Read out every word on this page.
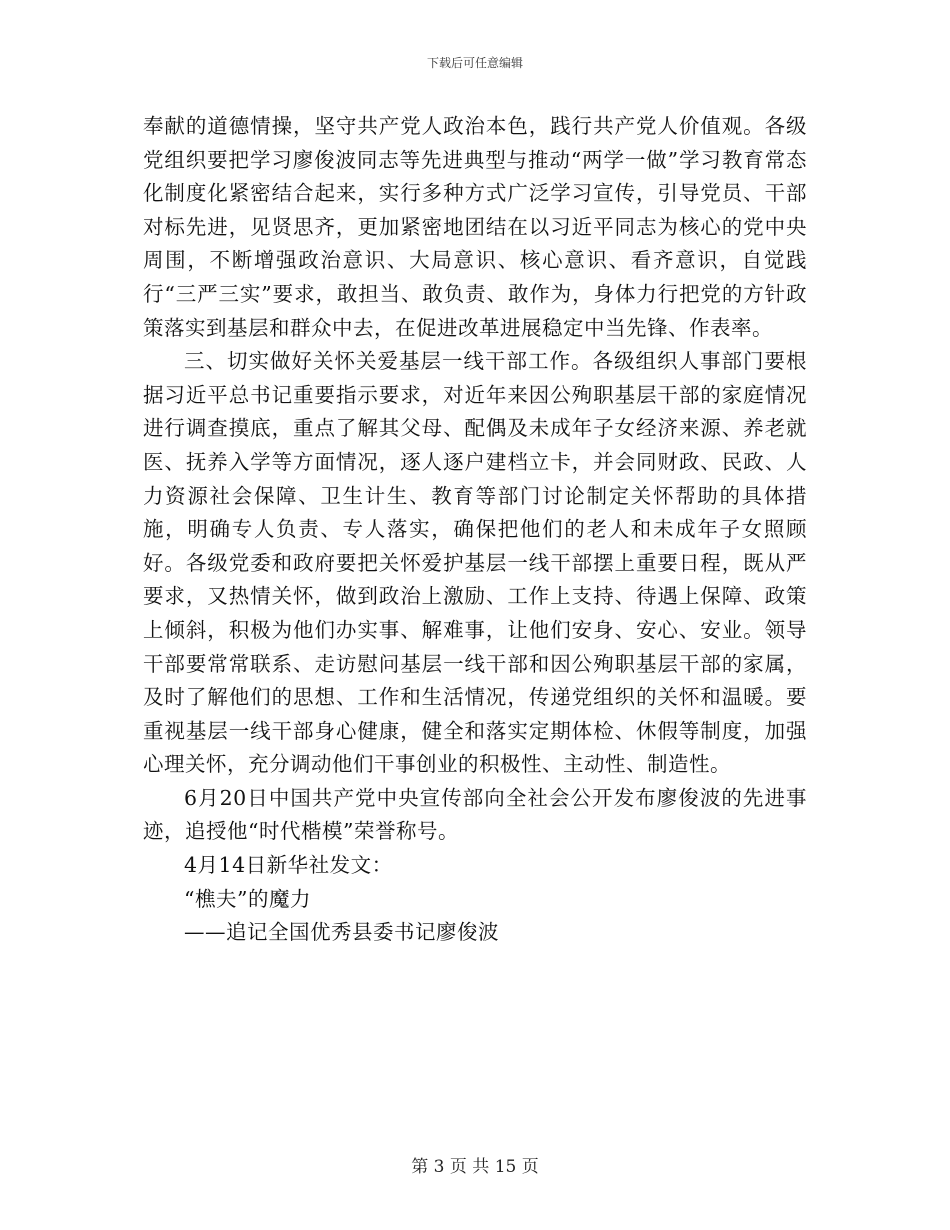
下载后可任意编辑

奉献的道德情操，坚守共产党人政治本色，践行共产党人价值观。各级党组织要把学习廖俊波同志等先进典型与推动“两学一做”学习教育常态化制度化紧密结合起来，实行多种方式广泛学习宣传，引导党员、干部对标先进，见贤思齐，更加紧密地团结在以习近平同志为核心的党中央周围，不断增强政治意识、大局意识、核心意识、看齐意识，自觉践行“三严三实”要求，敢担当、敢负责、敢作为，身体力行把党的方针政策落实到基层和群众中去，在促进改革进展稳定中当先锋、作表率。

三、切实做好关怀关爱基层一线干部工作。各级组织人事部门要根据习近平总书记重要指示要求，对近年来因公殉职基层干部的家庭情况进行调查摸底，重点了解其父母、配偶及未成年子女经济来源、养老就医、抚养入学等方面情况，逐人逐户建档立卡，并会同财政、民政、人力资源社会保障、卫生计生、教育等部门讨论制定关怀帮助的具体措施，明确专人负责、专人落实，确保把他们的老人和未成年子女照顾好。各级党委和政府要把关怀爱护基层一线干部摆上重要日程，既从严要求，又热情关怀，做到政治上激励、工作上支持、待遇上保障、政策上倾斜，积极为他们办实事、解难事，让他们安身、安心、安业。领导干部要常常联系、走访慰问基层一线干部和因公殉职基层干部的家属，及时了解他们的思想、工作和生活情况，传递党组织的关怀和温暖。要重视基层一线干部身心健康，健全和落实定期体检、休假等制度，加强心理关怀，充分调动他们干事创业的积极性、主动性、制造性。

6月20日中国共产党中央宣传部向全社会公开发布廖俊波的先进事迹，追授他“时代楷模”荣誉称号。

4月14日新华社发文：

“樵夫”的魔力

——追记全国优秀县委书记廖俊波

第 3 页 共 15 页
